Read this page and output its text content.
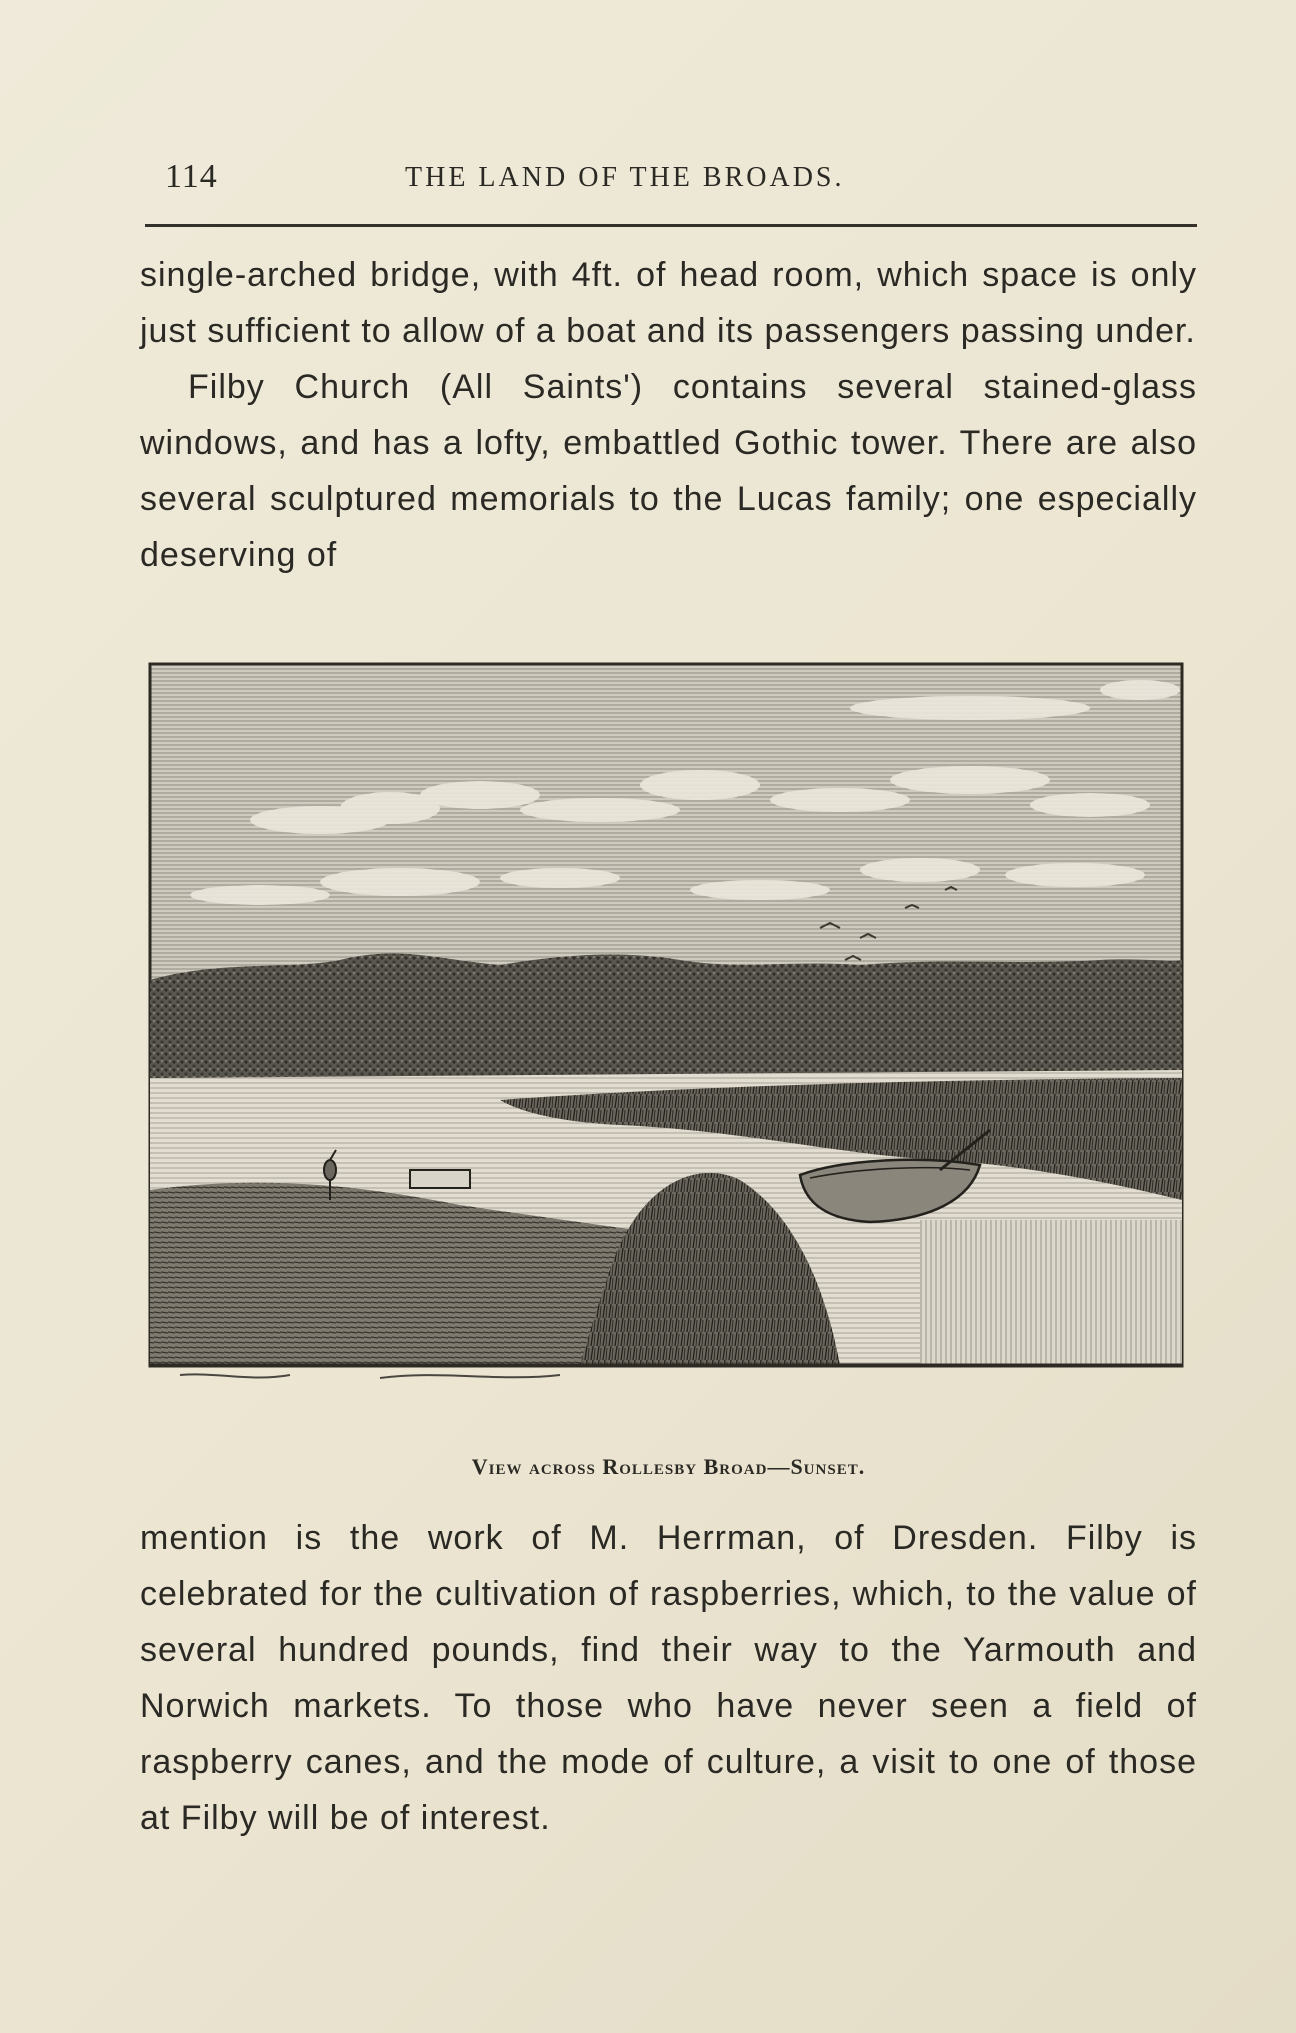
114	THE LAND OF THE BROADS.

single-arched bridge, with 4ft. of head room, which space is only just sufficient to allow of a boat and its passengers passing under.

Filby Church (All Saints') contains several stained-glass windows, and has a lofty, embattled Gothic tower. There are also several sculptured memorials to the Lucas family; one especially deserving of

View across Rollesby Broad—Sunset.

mention is the work of M. Herrman, of Dresden. Filby is celebrated for the cultivation of raspberries, which, to the value of several hundred pounds, find their way to the Yarmouth and Norwich markets. To those who have never seen a field of raspberry canes, and the mode of culture, a visit to one of those at Filby will be of interest.
